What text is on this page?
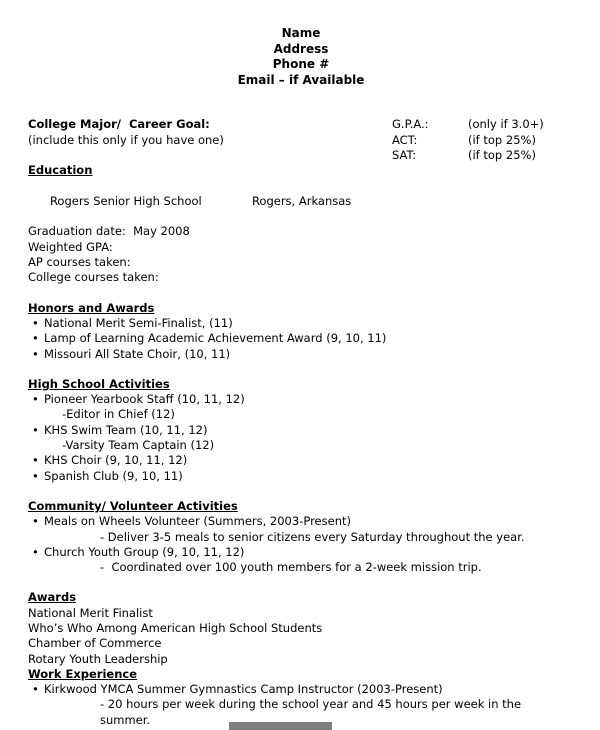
Name
Address
Phone #
Email – if Available
College Major/  Career Goal:
(include this only if you have one)
G.P.A.:	(only if 3.0+)
ACT:	(if top 25%)
SAT:	(if top 25%)
Education

Rogers Senior High School	Rogers, Arkansas

Graduation date:  May 2008
Weighted GPA:
AP courses taken:
College courses taken:
Honors and Awards
• National Merit Semi-Finalist, (11)
• Lamp of Learning Academic Achievement Award (9, 10, 11)
• Missouri All State Choir, (10, 11)
High School Activities
• Pioneer Yearbook Staff (10, 11, 12)
-Editor in Chief (12)
• KHS Swim Team (10, 11, 12)
-Varsity Team Captain (12)
• KHS Choir (9, 10, 11, 12)
• Spanish Club (9, 10, 11)
Community/ Volunteer Activities
• Meals on Wheels Volunteer (Summers, 2003-Present)
- Deliver 3-5 meals to senior citizens every Saturday throughout the year.
• Church Youth Group (9, 10, 11, 12)
-  Coordinated over 100 youth members for a 2-week mission trip.
Awards
National Merit Finalist
Who’s Who Among American High School Students
Chamber of Commerce
Rotary Youth Leadership
Work Experience
• Kirkwood YMCA Summer Gymnastics Camp Instructor (2003-Present)
- 20 hours per week during the school year and 45 hours per week in the summer.
